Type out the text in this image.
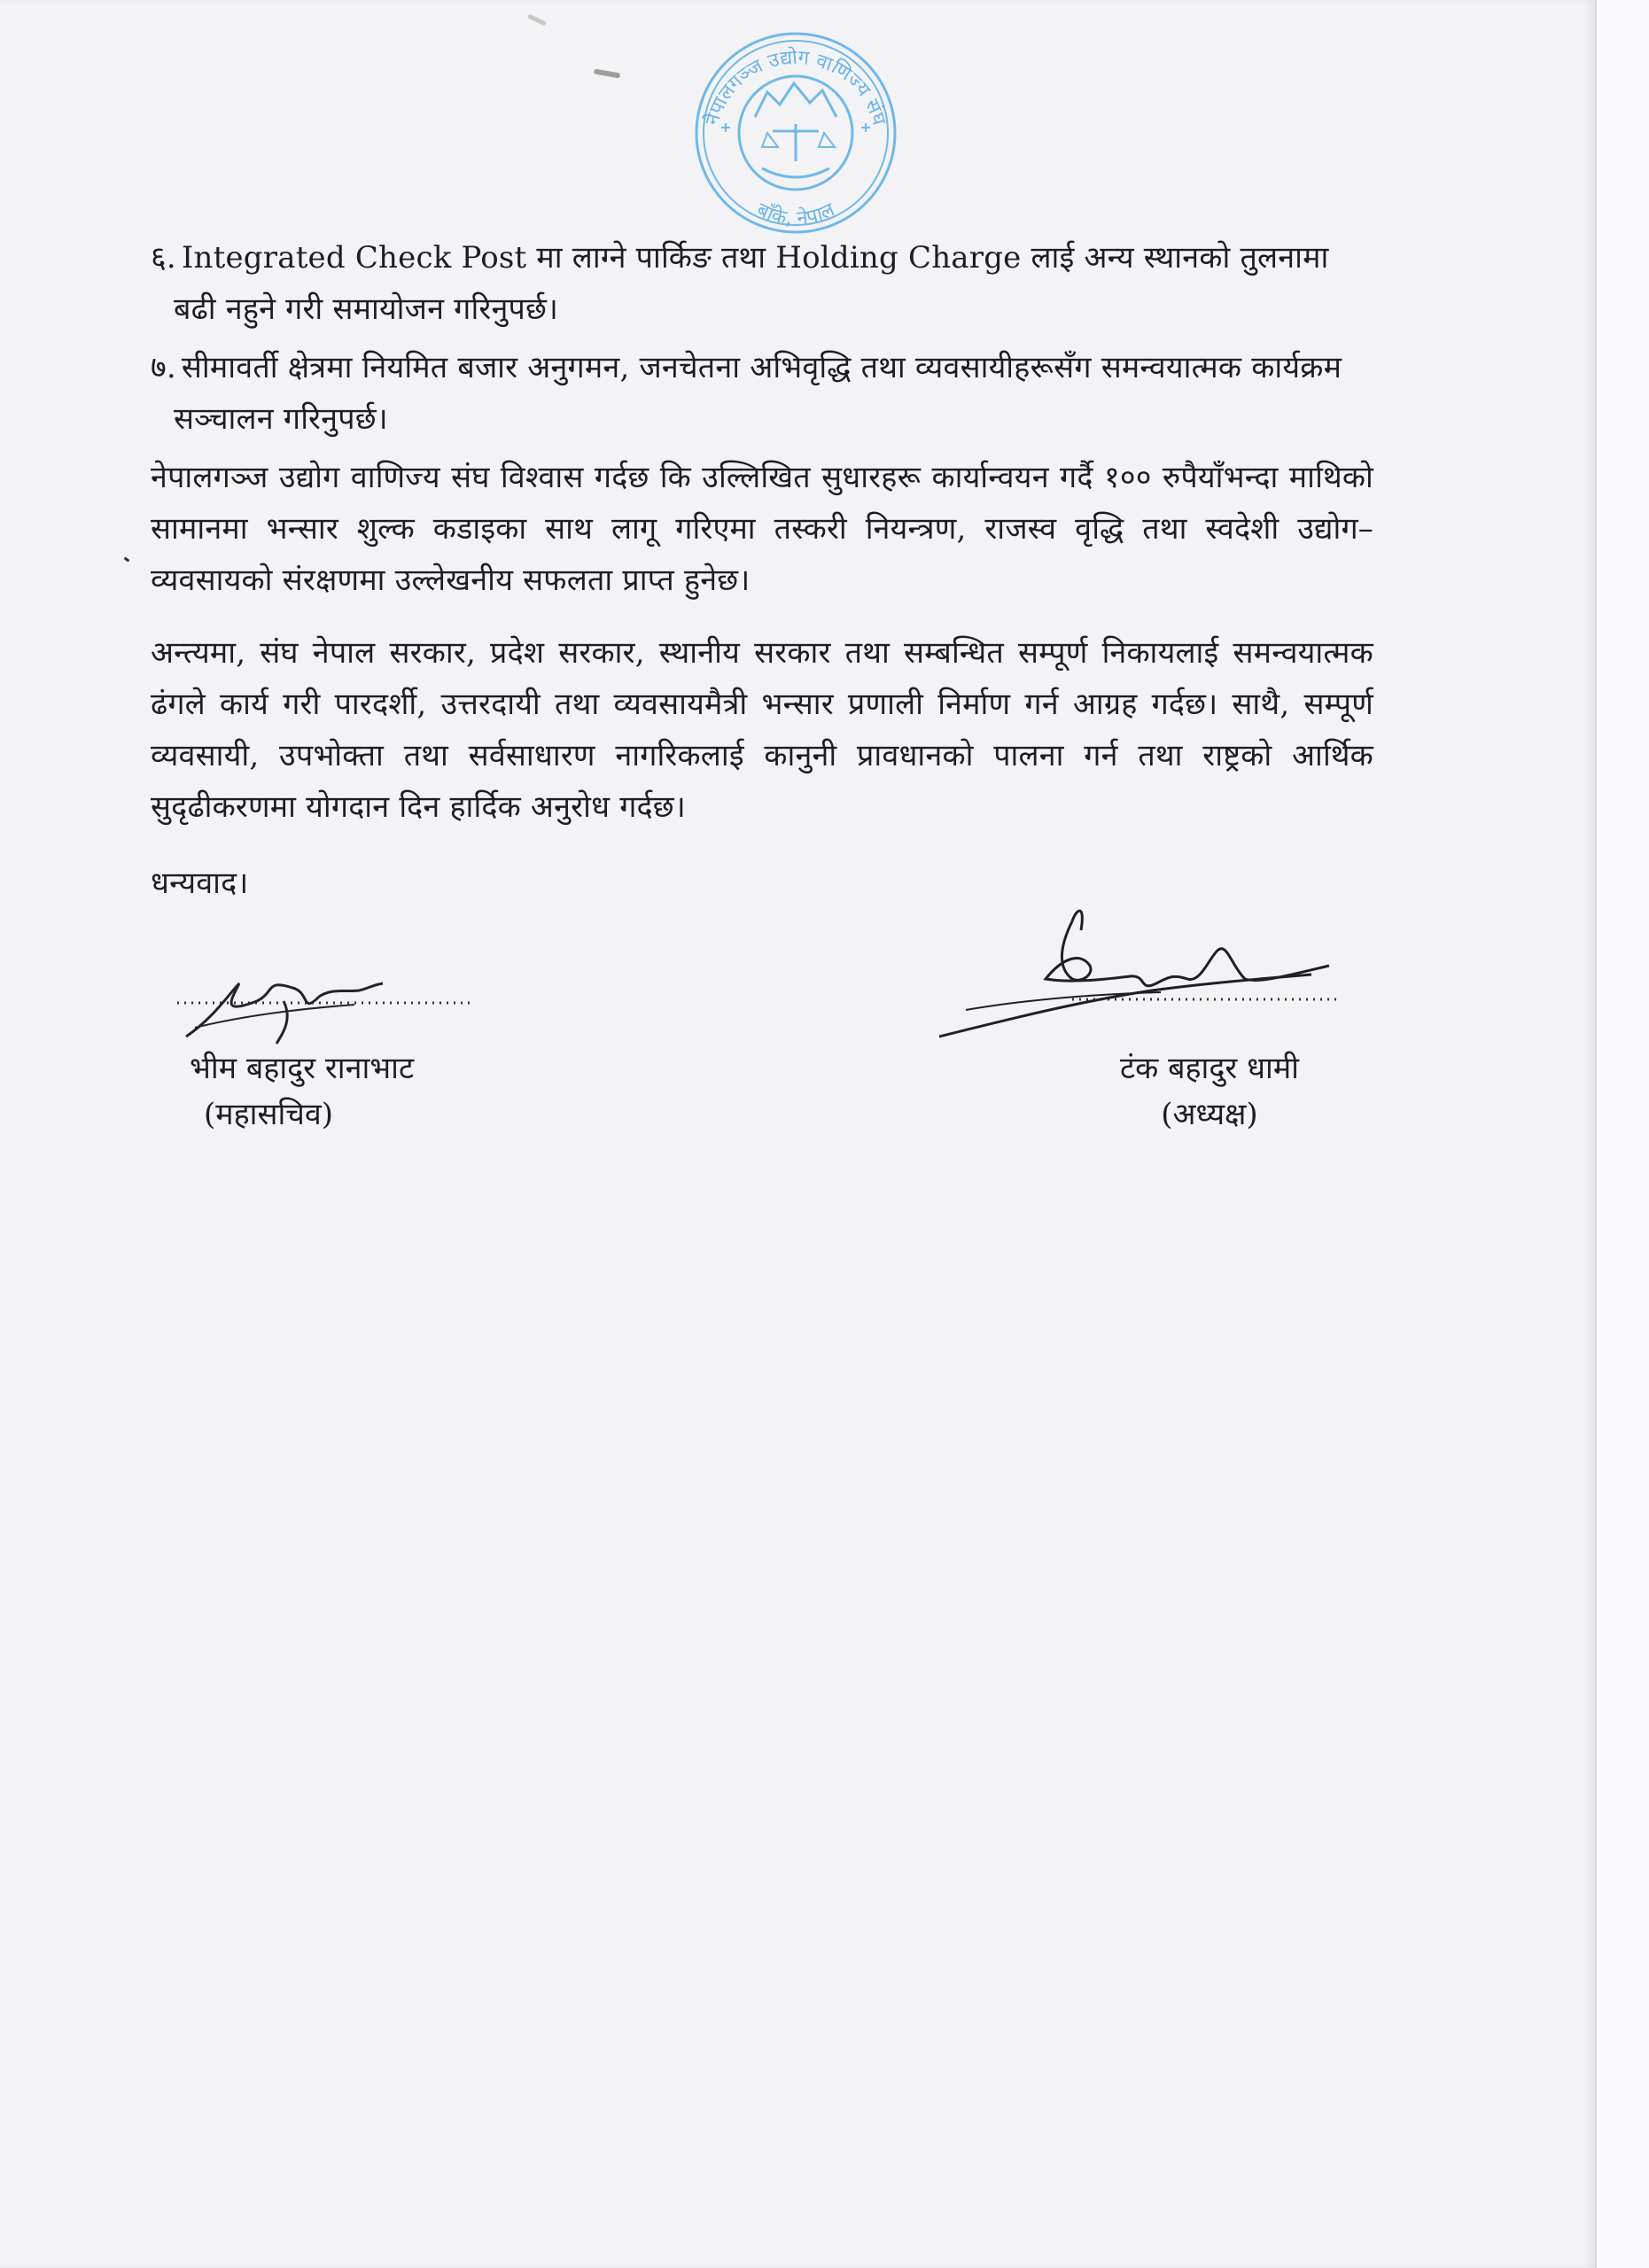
नेपालगञ्ज उद्योग वाणिज्य संघ
बाँके, नेपाल
६. Integrated Check Post मा लाग्ने पार्किङ तथा Holding Charge लाई अन्य स्थानको तुलनामा बढी नहुने गरी समायोजन गरिनुपर्छ।
७. सीमावर्ती क्षेत्रमा नियमित बजार अनुगमन, जनचेतना अभिवृद्धि तथा व्यवसायीहरूसँग समन्वयात्मक कार्यक्रम सञ्चालन गरिनुपर्छ।

नेपालगञ्ज उद्योग वाणिज्य संघ विश्वास गर्दछ कि उल्लिखित सुधारहरू कार्यान्वयन गर्दै १०० रुपैयाँभन्दा माथिको सामानमा भन्सार शुल्क कडाइका साथ लागू गरिएमा तस्करी नियन्त्रण, राजस्व वृद्धि तथा स्वदेशी उद्योग–व्यवसायको संरक्षणमा उल्लेखनीय सफलता प्राप्त हुनेछ।

अन्त्यमा, संघ नेपाल सरकार, प्रदेश सरकार, स्थानीय सरकार तथा सम्बन्धित सम्पूर्ण निकायलाई समन्वयात्मक ढंगले कार्य गरी पारदर्शी, उत्तरदायी तथा व्यवसायमैत्री भन्सार प्रणाली निर्माण गर्न आग्रह गर्दछ। साथै, सम्पूर्ण व्यवसायी, उपभोक्ता तथा सर्वसाधारण नागरिकलाई कानुनी प्रावधानको पालना गर्न तथा राष्ट्रको आर्थिक सुदृढीकरणमा योगदान दिन हार्दिक अनुरोध गर्दछ।

धन्यवाद।

भीम बहादुर रानाभाट
(महासचिव)
टंक बहादुर धामी
(अध्यक्ष)
